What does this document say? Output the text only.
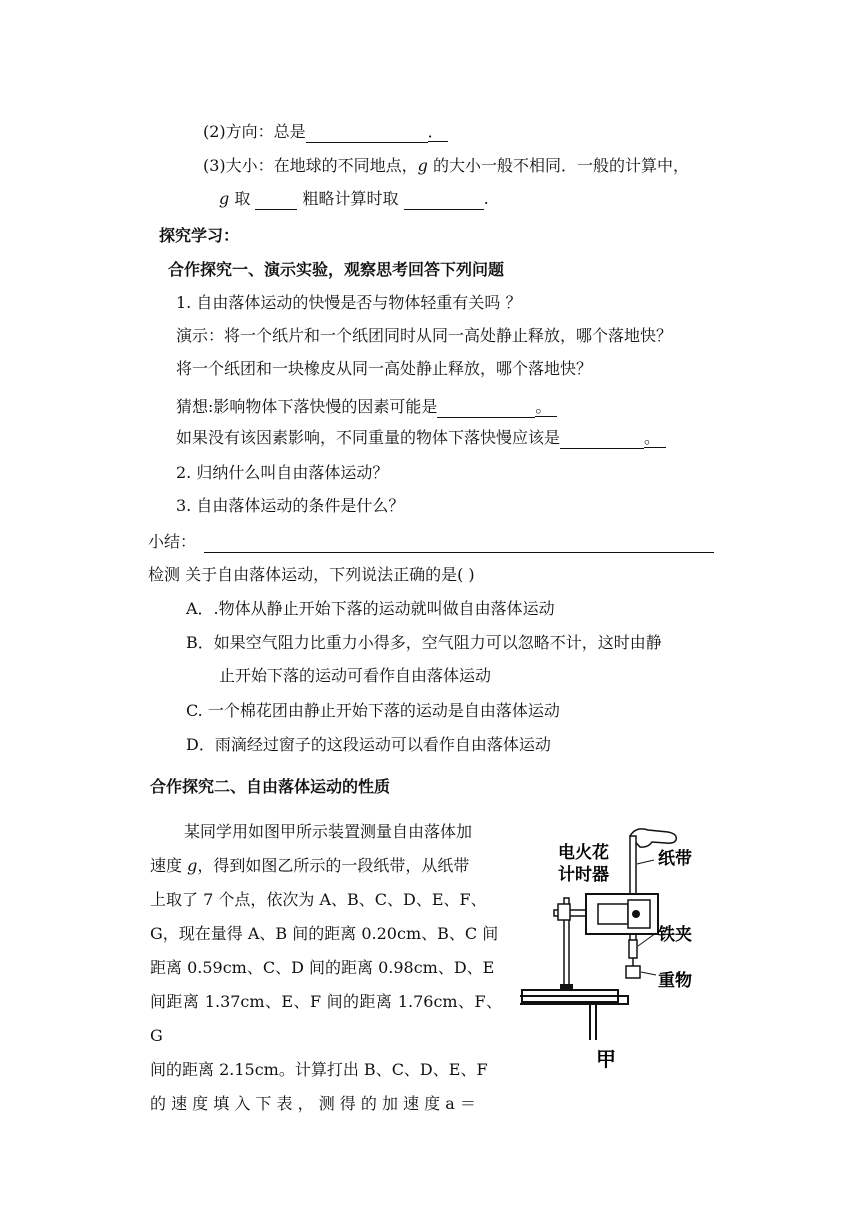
(2)方向：总是	．
(3)大小：在地球的不同地点，g 的大小一般不相同．一般的计算中，
g 取	粗略计算时取	.
探究学习：
合作探究一、演示实验，观察思考回答下列问题
1. 自由落体运动的快慢是否与物体轻重有关吗 ？
演示：将一个纸片和一个纸团同时从同一高处静止释放，哪个落地快？
将一个纸团和一块橡皮从同一高处静止释放，哪个落地快？
猜想:影响物体下落快慢的因素可能是	。
如果没有该因素影响，不同重量的物体下落快慢应该是	。
2. 归纳什么叫自由落体运动？
3. 自由落体运动的条件是什么？
小结：
检测 关于自由落体运动，下列说法正确的是( )
A．.物体从静止开始下落的运动就叫做自由落体运动
B．如果空气阻力比重力小得多，空气阻力可以忽略不计，这时由静
止开始下落的运动可看作自由落体运动
C. 一个棉花团由静止开始下落的运动是自由落体运动
D．雨滴经过窗子的这段运动可以看作自由落体运动
合作探究二、自由落体运动的性质
某同学用如图甲所示装置测量自由落体加
速度 g，得到如图乙所示的一段纸带，从纸带
上取了 7 个点，依次为 A、B、C、D、E、F、
G，现在量得 A、B 间的距离 0.20cm、B、C 间
距离 0.59cm、C、D 间的距离 0.98cm、D、E
间距离 1.37cm、E、F 间的距离 1.76cm、F、G
间的距离 2.15cm。计算打出 B、C、D、E、F
的 速 度 填 入 下 表 ， 测 得 的 加 速 度 a ＝
电火花
计时器
纸带
铁夹
重物
甲
